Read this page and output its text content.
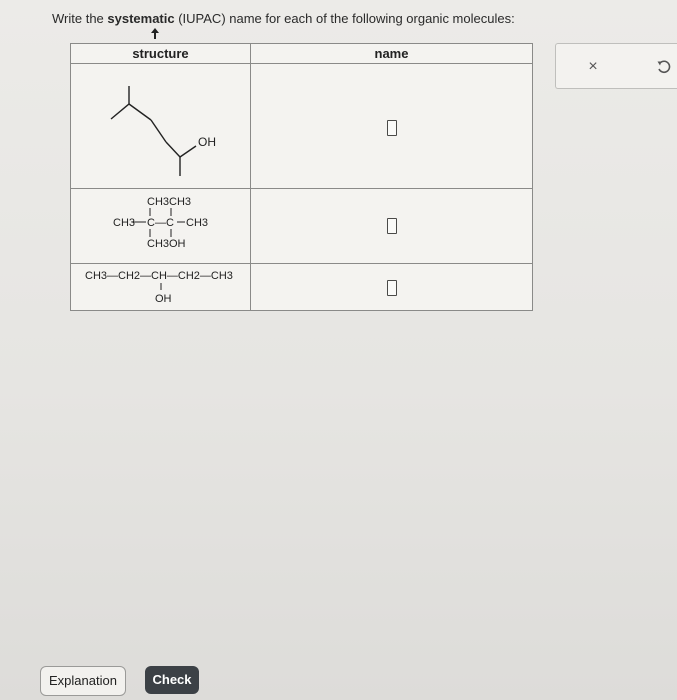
Write the systematic (IUPAC) name for each of the following organic molecules:
structure	name

OH	

CH3CH3
CH3 C—C CH3
CH3OH	

CH3—CH2—CH—CH2—CH3
OH	

×
Explanation	Check
